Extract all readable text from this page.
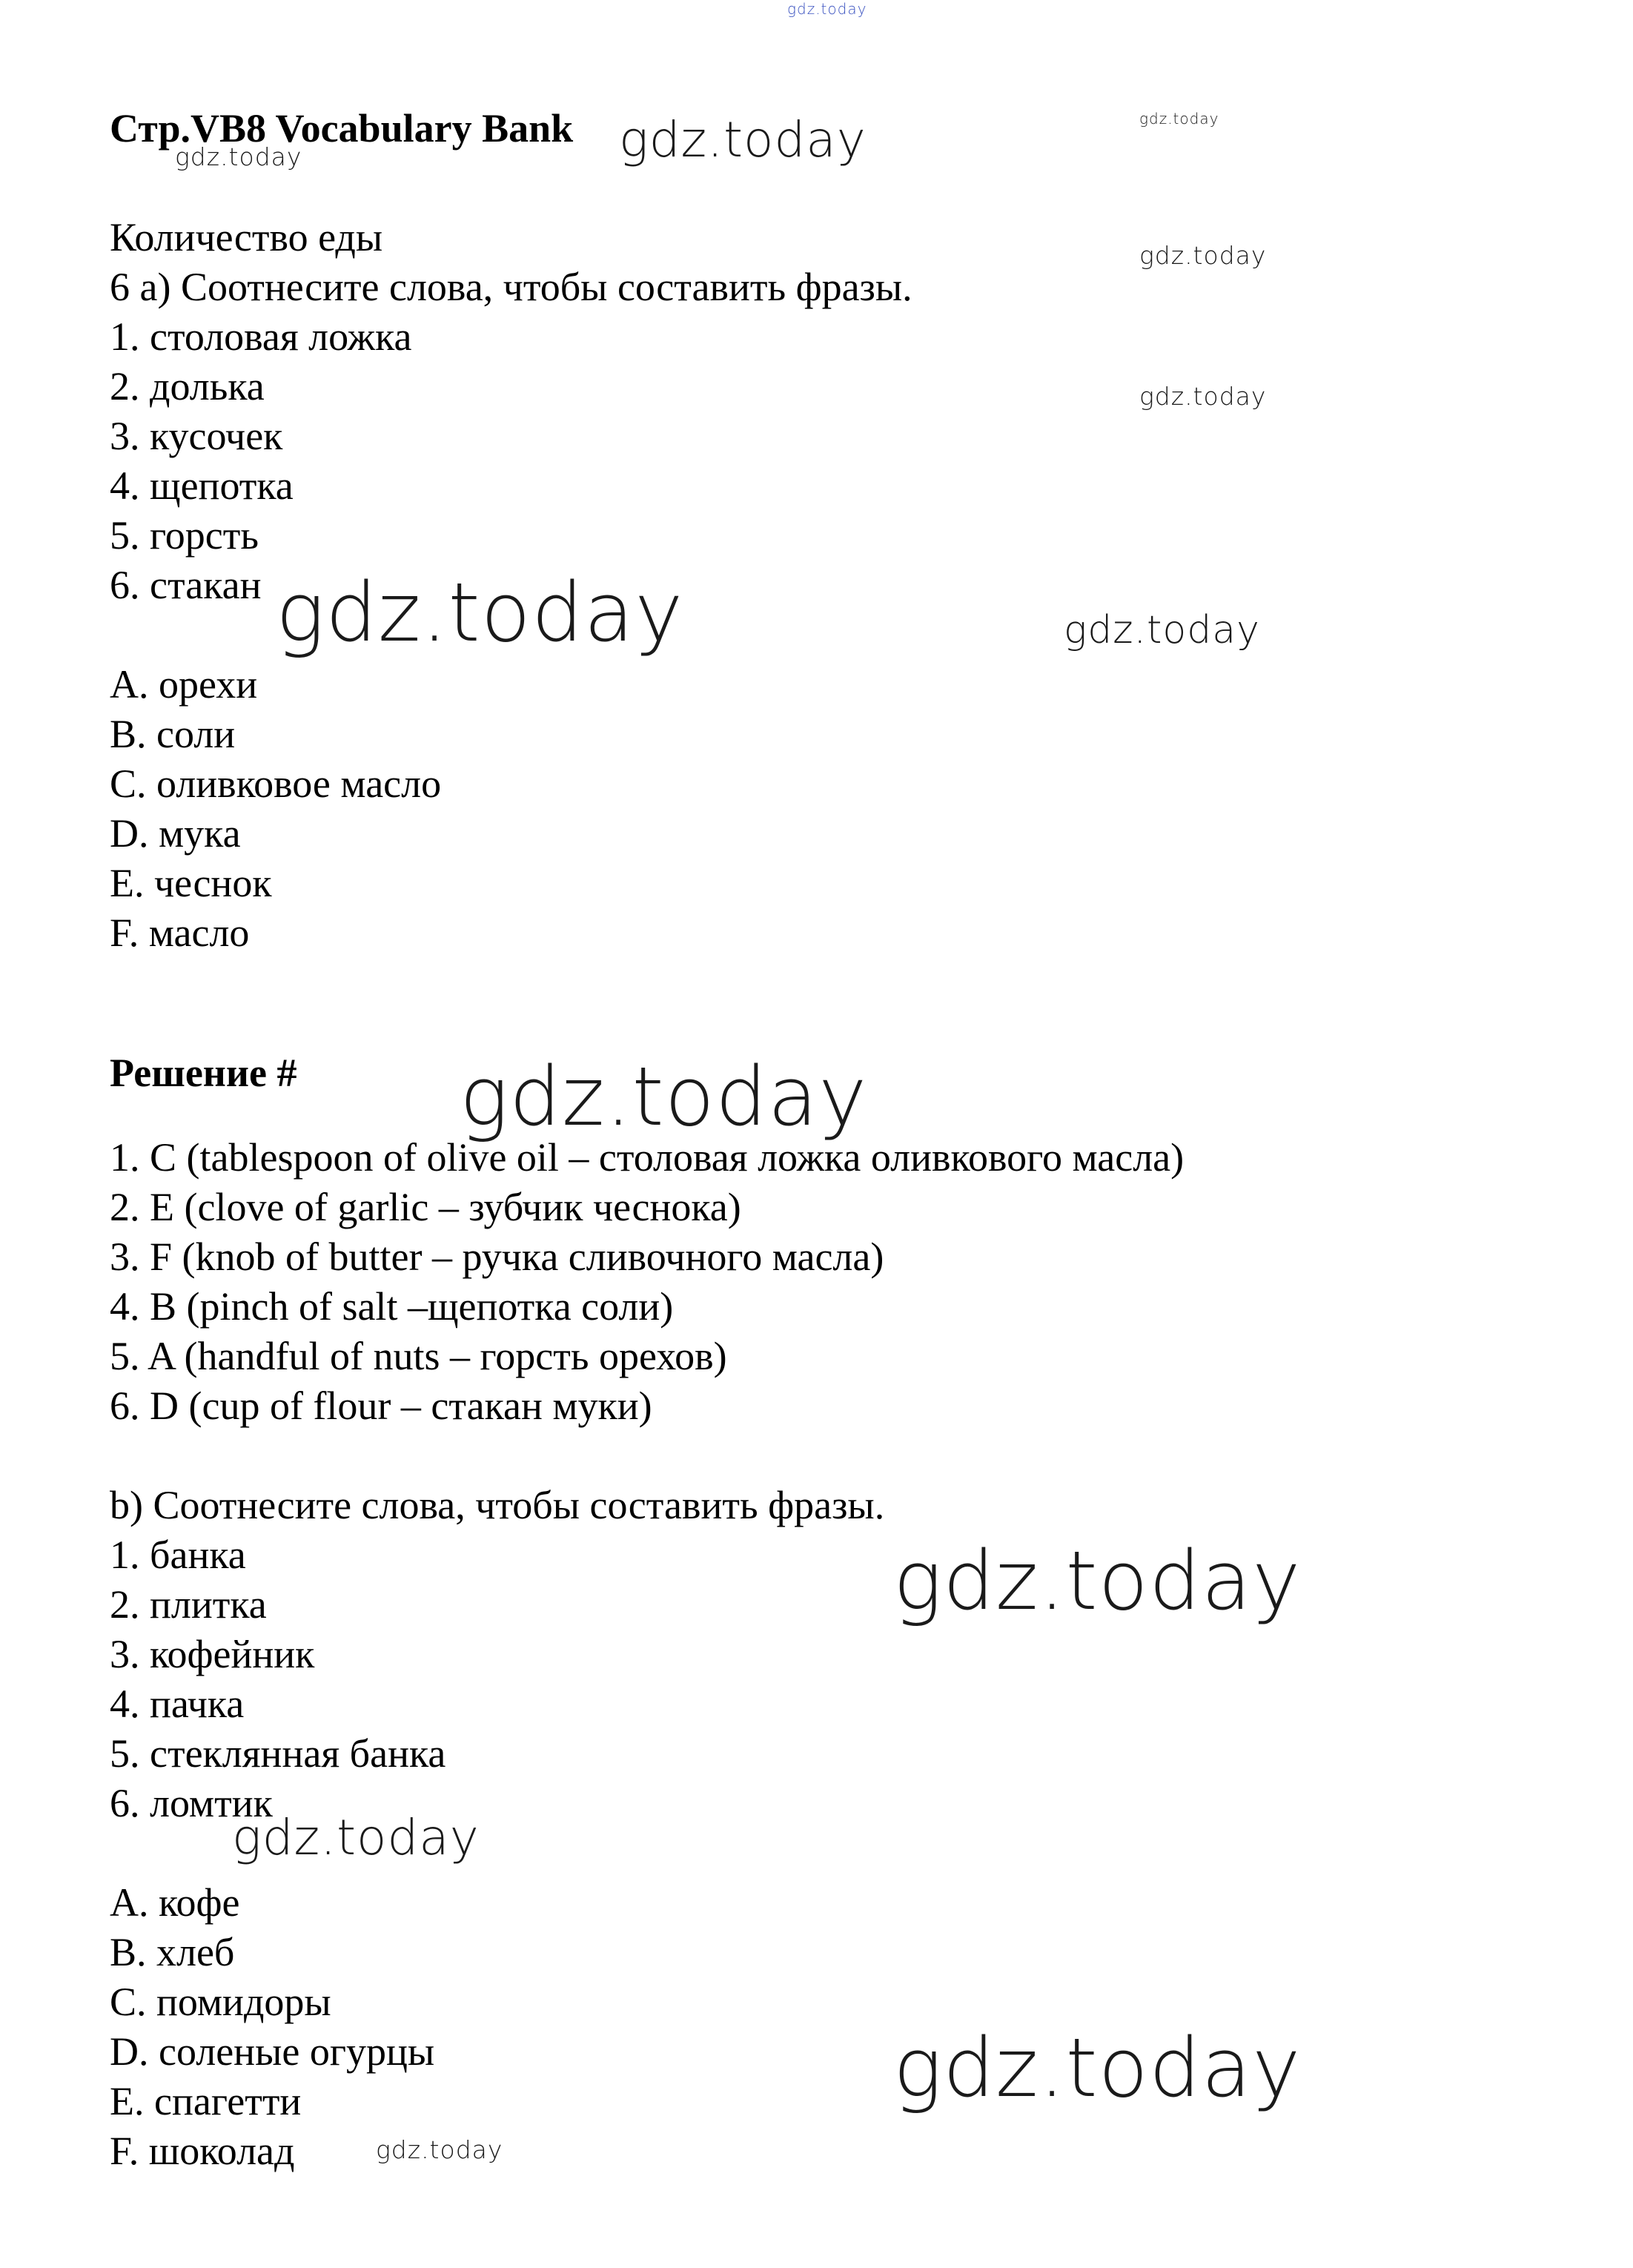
gdz.today
Стр.VB8 Vocabulary Bank
Количество еды
6 a) Соотнесите слова, чтобы составить фразы.
1. столовая ложка
2. долька
3. кусочек
4. щепотка
5. горсть
6. стакан
A. орехи
B. соли
C. оливковое масло
D. мука
E. чеснок
F. масло
Решение #
1. C (tablespoon of olive oil – столовая ложка оливкового масла)
2. E (clove of garlic – зубчик чеснока)
3. F (knob of butter – ручка сливочного масла)
4. B (pinch of salt –щепотка соли)
5. A (handful of nuts – горсть орехов)
6. D (cup of flour – стакан муки)
b) Соотнесите слова, чтобы составить фразы.
1. банка
2. плитка
3. кофейник
4. пачка
5. стеклянная банка
6. ломтик
A. кофе
B. хлеб
C. помидоры
D. соленые огурцы
E. спагетти
F. шоколад
gdz.today
gdz.today
gdz.today
gdz.today
gdz.today
gdz.today	gdz.today
gdz.today
gdz.today
gdz.today
gdz.today
gdz.today
